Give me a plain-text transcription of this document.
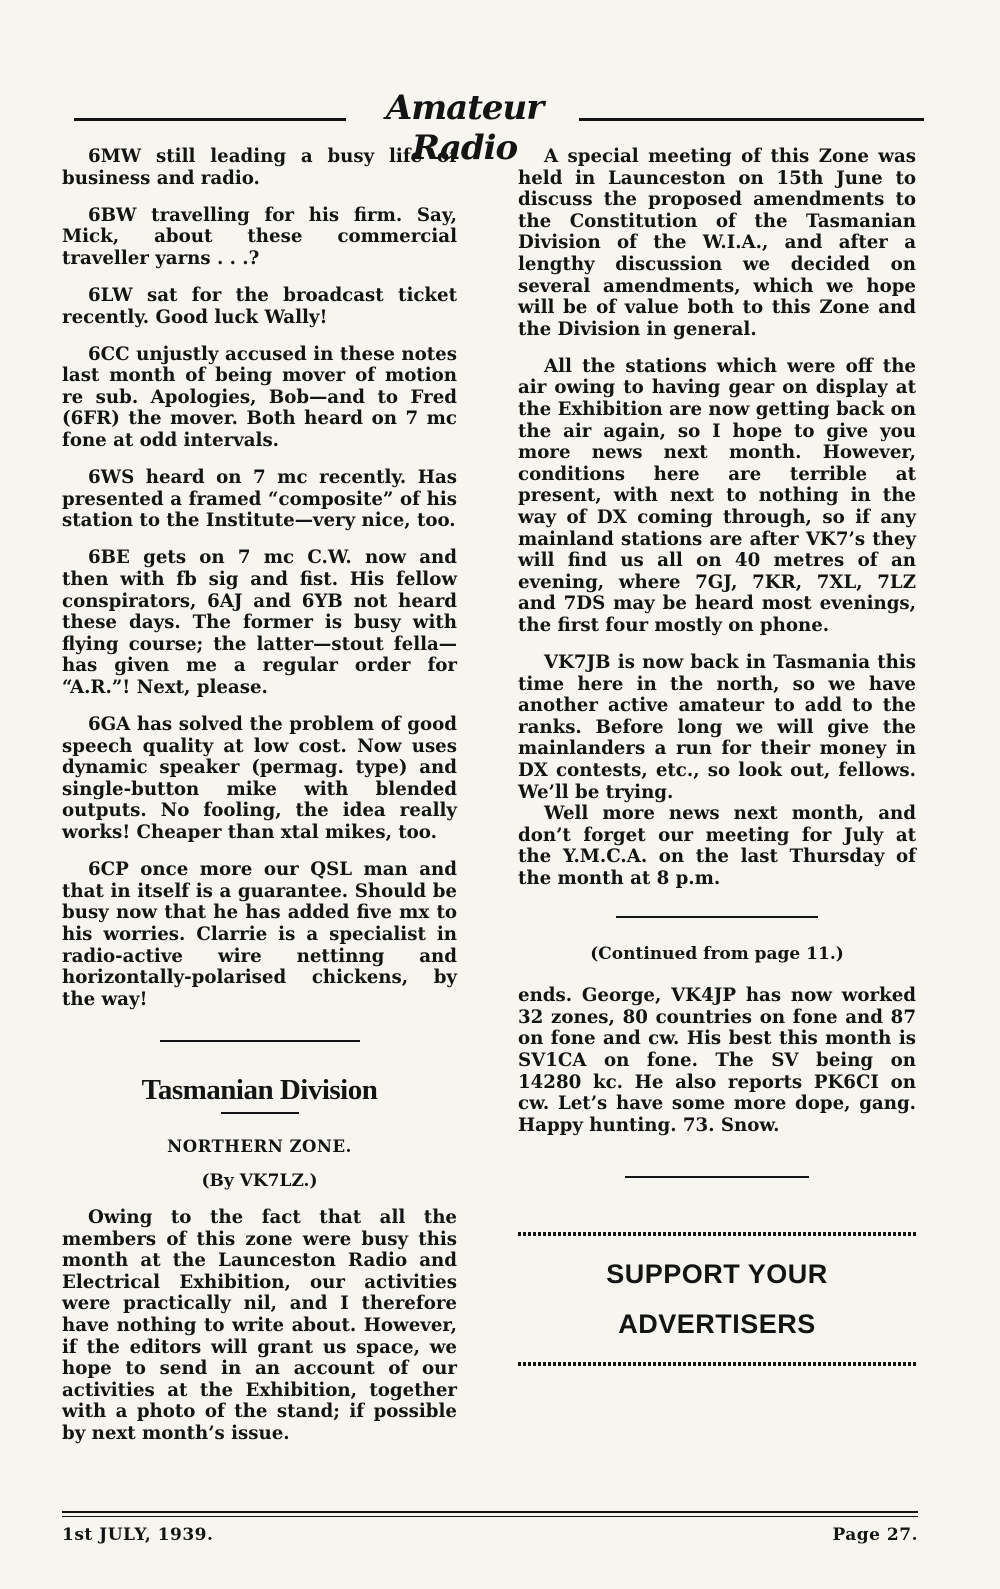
Amateur Radio

6MW still leading a busy life of business and radio.

6BW travelling for his firm. Say, Mick, about these commercial traveller yarns . . .?

6LW sat for the broadcast ticket recently. Good luck Wally!

6CC unjustly accused in these notes last month of being mover of motion re sub. Apologies, Bob—and to Fred (6FR) the mover. Both heard on 7 mc fone at odd intervals.

6WS heard on 7 mc recently. Has presented a framed “composite” of his station to the Institute—very nice, too.

6BE gets on 7 mc C.W. now and then with fb sig and fist. His fellow conspirators, 6AJ and 6YB not heard these days. The former is busy with flying course; the latter—stout fella—has given me a regular order for “A.R.”! Next, please.

6GA has solved the problem of good speech quality at low cost. Now uses dynamic speaker (permag. type) and single-button mike with blended outputs. No fooling, the idea really works! Cheaper than xtal mikes, too.

6CP once more our QSL man and that in itself is a guarantee. Should be busy now that he has added five mx to his worries. Clarrie is a specialist in radio-active wire nettinng and horizontally-polarised chickens, by the way!

Tasmanian Division
NORTHERN ZONE.
(By VK7LZ.)

Owing to the fact that all the members of this zone were busy this month at the Launceston Radio and Electrical Exhibition, our activities were practically nil, and I therefore have nothing to write about. However, if the editors will grant us space, we hope to send in an account of our activities at the Exhibition, together with a photo of the stand; if possible by next month’s issue.

A special meeting of this Zone was held in Launceston on 15th June to discuss the proposed amendments to the Constitution of the Tasmanian Division of the W.I.A., and after a lengthy discussion we decided on several amendments, which we hope will be of value both to this Zone and the Division in general.

All the stations which were off the air owing to having gear on display at the Exhibition are now getting back on the air again, so I hope to give you more news next month. However, conditions here are terrible at present, with next to nothing in the way of DX coming through, so if any mainland stations are after VK7’s they will find us all on 40 metres of an evening, where 7GJ, 7KR, 7XL, 7LZ and 7DS may be heard most evenings, the first four mostly on phone.

VK7JB is now back in Tasmania this time here in the north, so we have another active amateur to add to the ranks. Before long we will give the mainlanders a run for their money in DX contests, etc., so look out, fellows. We’ll be trying.

Well more news next month, and don’t forget our meeting for July at the Y.M.C.A. on the last Thursday of the month at 8 p.m.

(Continued from page 11.)

ends. George, VK4JP has now worked 32 zones, 80 countries on fone and 87 on fone and cw. His best this month is SV1CA on fone. The SV being on 14280 kc. He also reports PK6CI on cw. Let’s have some more dope, gang. Happy hunting. 73. Snow.

SUPPORT YOUR
ADVERTISERS
1st JULY, 1939.	Page 27.
